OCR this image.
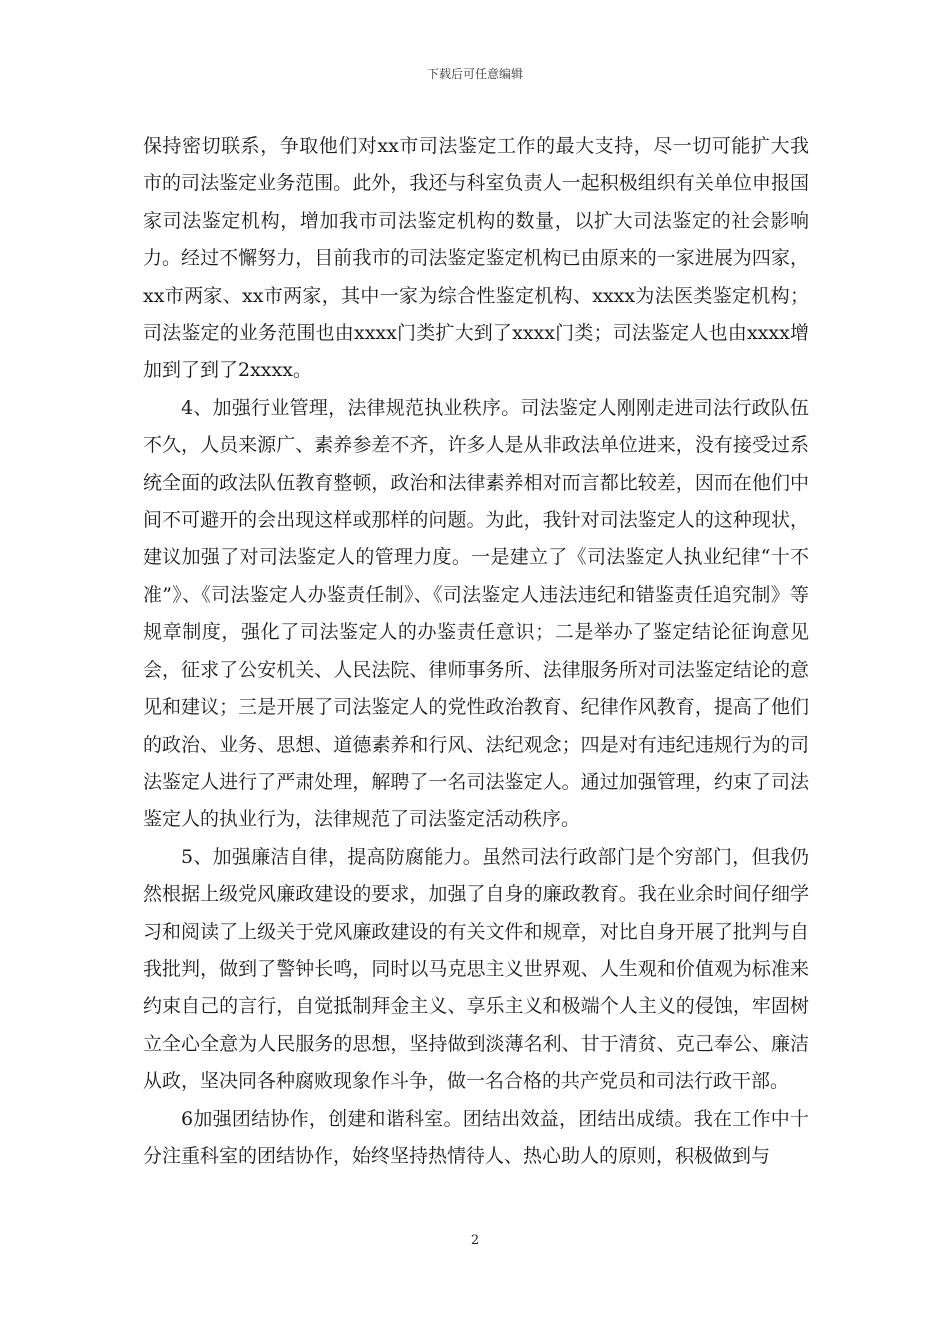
下载后可任意编辑

保持密切联系，争取他们对xx市司法鉴定工作的最大支持，尽一切可能扩大我市的司法鉴定业务范围。此外，我还与科室负责人一起积极组织有关单位申报国家司法鉴定机构，增加我市司法鉴定机构的数量，以扩大司法鉴定的社会影响力。经过不懈努力，目前我市的司法鉴定鉴定机构已由原来的一家进展为四家，xx市两家、xx市两家，其中一家为综合性鉴定机构、xxxx为法医类鉴定机构；司法鉴定的业务范围也由xxxx门类扩大到了xxxx门类；司法鉴定人也由xxxx增加到了到了2xxxx。

4、加强行业管理，法律规范执业秩序。司法鉴定人刚刚走进司法行政队伍不久，人员来源广、素养参差不齐，许多人是从非政法单位进来，没有接受过系统全面的政法队伍教育整顿，政治和法律素养相对而言都比较差，因而在他们中间不可避开的会出现这样或那样的问题。为此，我针对司法鉴定人的这种现状，建议加强了对司法鉴定人的管理力度。一是建立了《司法鉴定人执业纪律“十不准”》、《司法鉴定人办鉴责任制》、《司法鉴定人违法违纪和错鉴责任追究制》等规章制度，强化了司法鉴定人的办鉴责任意识；二是举办了鉴定结论征询意见会，征求了公安机关、人民法院、律师事务所、法律服务所对司法鉴定结论的意见和建议；三是开展了司法鉴定人的党性政治教育、纪律作风教育，提高了他们的政治、业务、思想、道德素养和行风、法纪观念；四是对有违纪违规行为的司法鉴定人进行了严肃处理，解聘了一名司法鉴定人。通过加强管理，约束了司法鉴定人的执业行为，法律规范了司法鉴定活动秩序。

5、加强廉洁自律，提高防腐能力。虽然司法行政部门是个穷部门，但我仍然根据上级党风廉政建设的要求，加强了自身的廉政教育。我在业余时间仔细学习和阅读了上级关于党风廉政建设的有关文件和规章，对比自身开展了批判与自我批判，做到了警钟长鸣，同时以马克思主义世界观、人生观和价值观为标准来约束自己的言行，自觉抵制拜金主义、享乐主义和极端个人主义的侵蚀，牢固树立全心全意为人民服务的思想，坚持做到淡薄名利、甘于清贫、克己奉公、廉洁从政，坚决同各种腐败现象作斗争，做一名合格的共产党员和司法行政干部。

6加强团结协作，创建和谐科室。团结出效益，团结出成绩。我在工作中十分注重科室的团结协作，始终坚持热情待人、热心助人的原则，积极做到与

2
